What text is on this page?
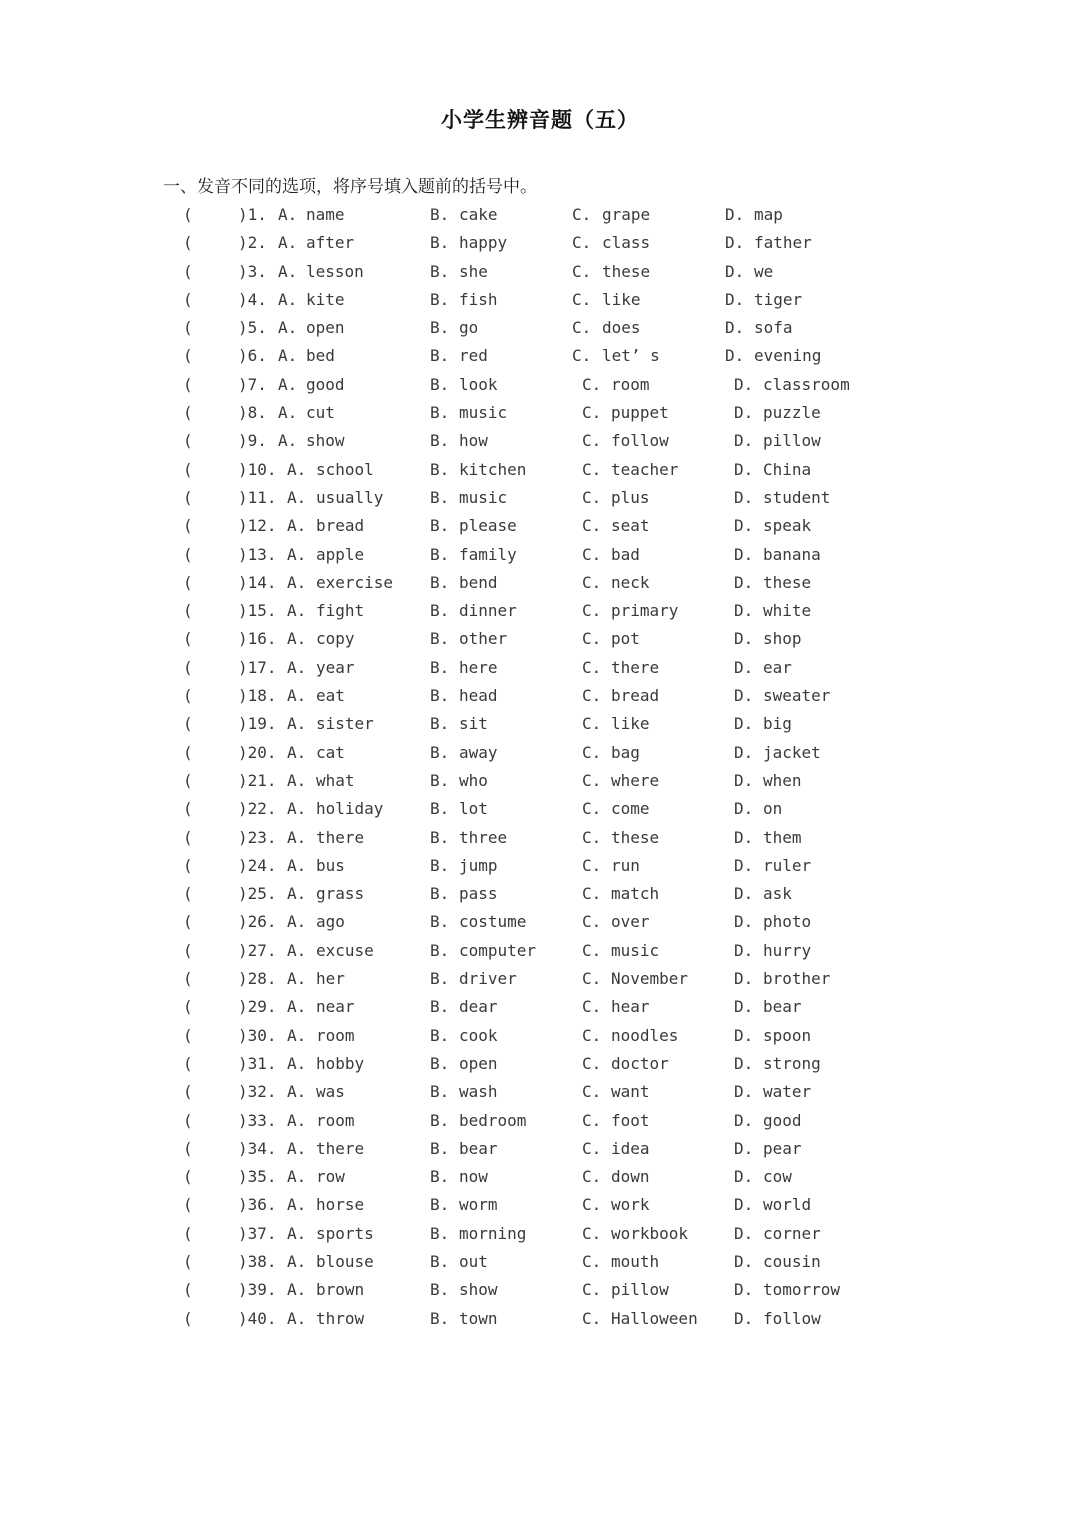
小学生辨音题（五）
一、发音不同的选项，将序号填入题前的括号中。
(	)1. A. name	B. cake	C. grape	D. map
(	)2. A. after	B. happy	C. class	D. father
(	)3. A. lesson	B. she	C. these	D. we
(	)4. A. kite	B. fish	C. like	D. tiger
(	)5. A. open	B. go	C. does	D. sofa
(	)6. A. bed	B. red	C. let’ s	D. evening
(	)7. A. good	B. look	C. room	D. classroom
(	)8. A. cut	B. music	C. puppet	D. puzzle
(	)9. A. show	B. how	C. follow	D. pillow
(	)10. A. school	B. kitchen	C. teacher	D. China
(	)11. A. usually	B. music	C. plus	D. student
(	)12. A. bread	B. please	C. seat	D. speak
(	)13. A. apple	B. family	C. bad	D. banana
(	)14. A. exercise B. bend	C. neck	D. these
(	)15. A. fight	B. dinner	C. primary	D. white
(	)16. A. copy	B. other	C. pot	D. shop
(	)17. A. year	B. here	C. there	D. ear
(	)18. A. eat	B. head	C. bread	D. sweater
(	)19. A. sister	B. sit	C. like	D. big
(	)20. A. cat	B. away	C. bag	D. jacket
(	)21. A. what	B. who	C. where	D. when
(	)22. A. holiday	B. lot	C. come	D. on
(	)23. A. there	B. three	C. these	D. them
(	)24. A. bus	B. jump	C. run	D. ruler
(	)25. A. grass	B. pass	C. match	D. ask
(	)26. A. ago	B. costume	C. over	D. photo
(	)27. A. excuse	B. computer	C. music	D. hurry
(	)28. A. her	B. driver	C. November	D. brother
(	)29. A. near	B. dear	C. hear	D. bear
(	)30. A. room	B. cook	C. noodles	D. spoon
(	)31. A. hobby	B. open	C. doctor	D. strong
(	)32. A. was	B. wash	C. want	D. water
(	)33. A. room	B. bedroom	C. foot	D. good
(	)34. A. there	B. bear	C. idea	D. pear
(	)35. A. row	B. now	C. down	D. cow
(	)36. A. horse	B. worm	C. work	D. world
(	)37. A. sports	B. morning	C. workbook	D. corner
(	)38. A. blouse	B. out	C. mouth	D. cousin
(	)39. A. brown	B. show	C. pillow	D. tomorrow
(	)40. A. throw	B. town	C. Halloween D. follow
